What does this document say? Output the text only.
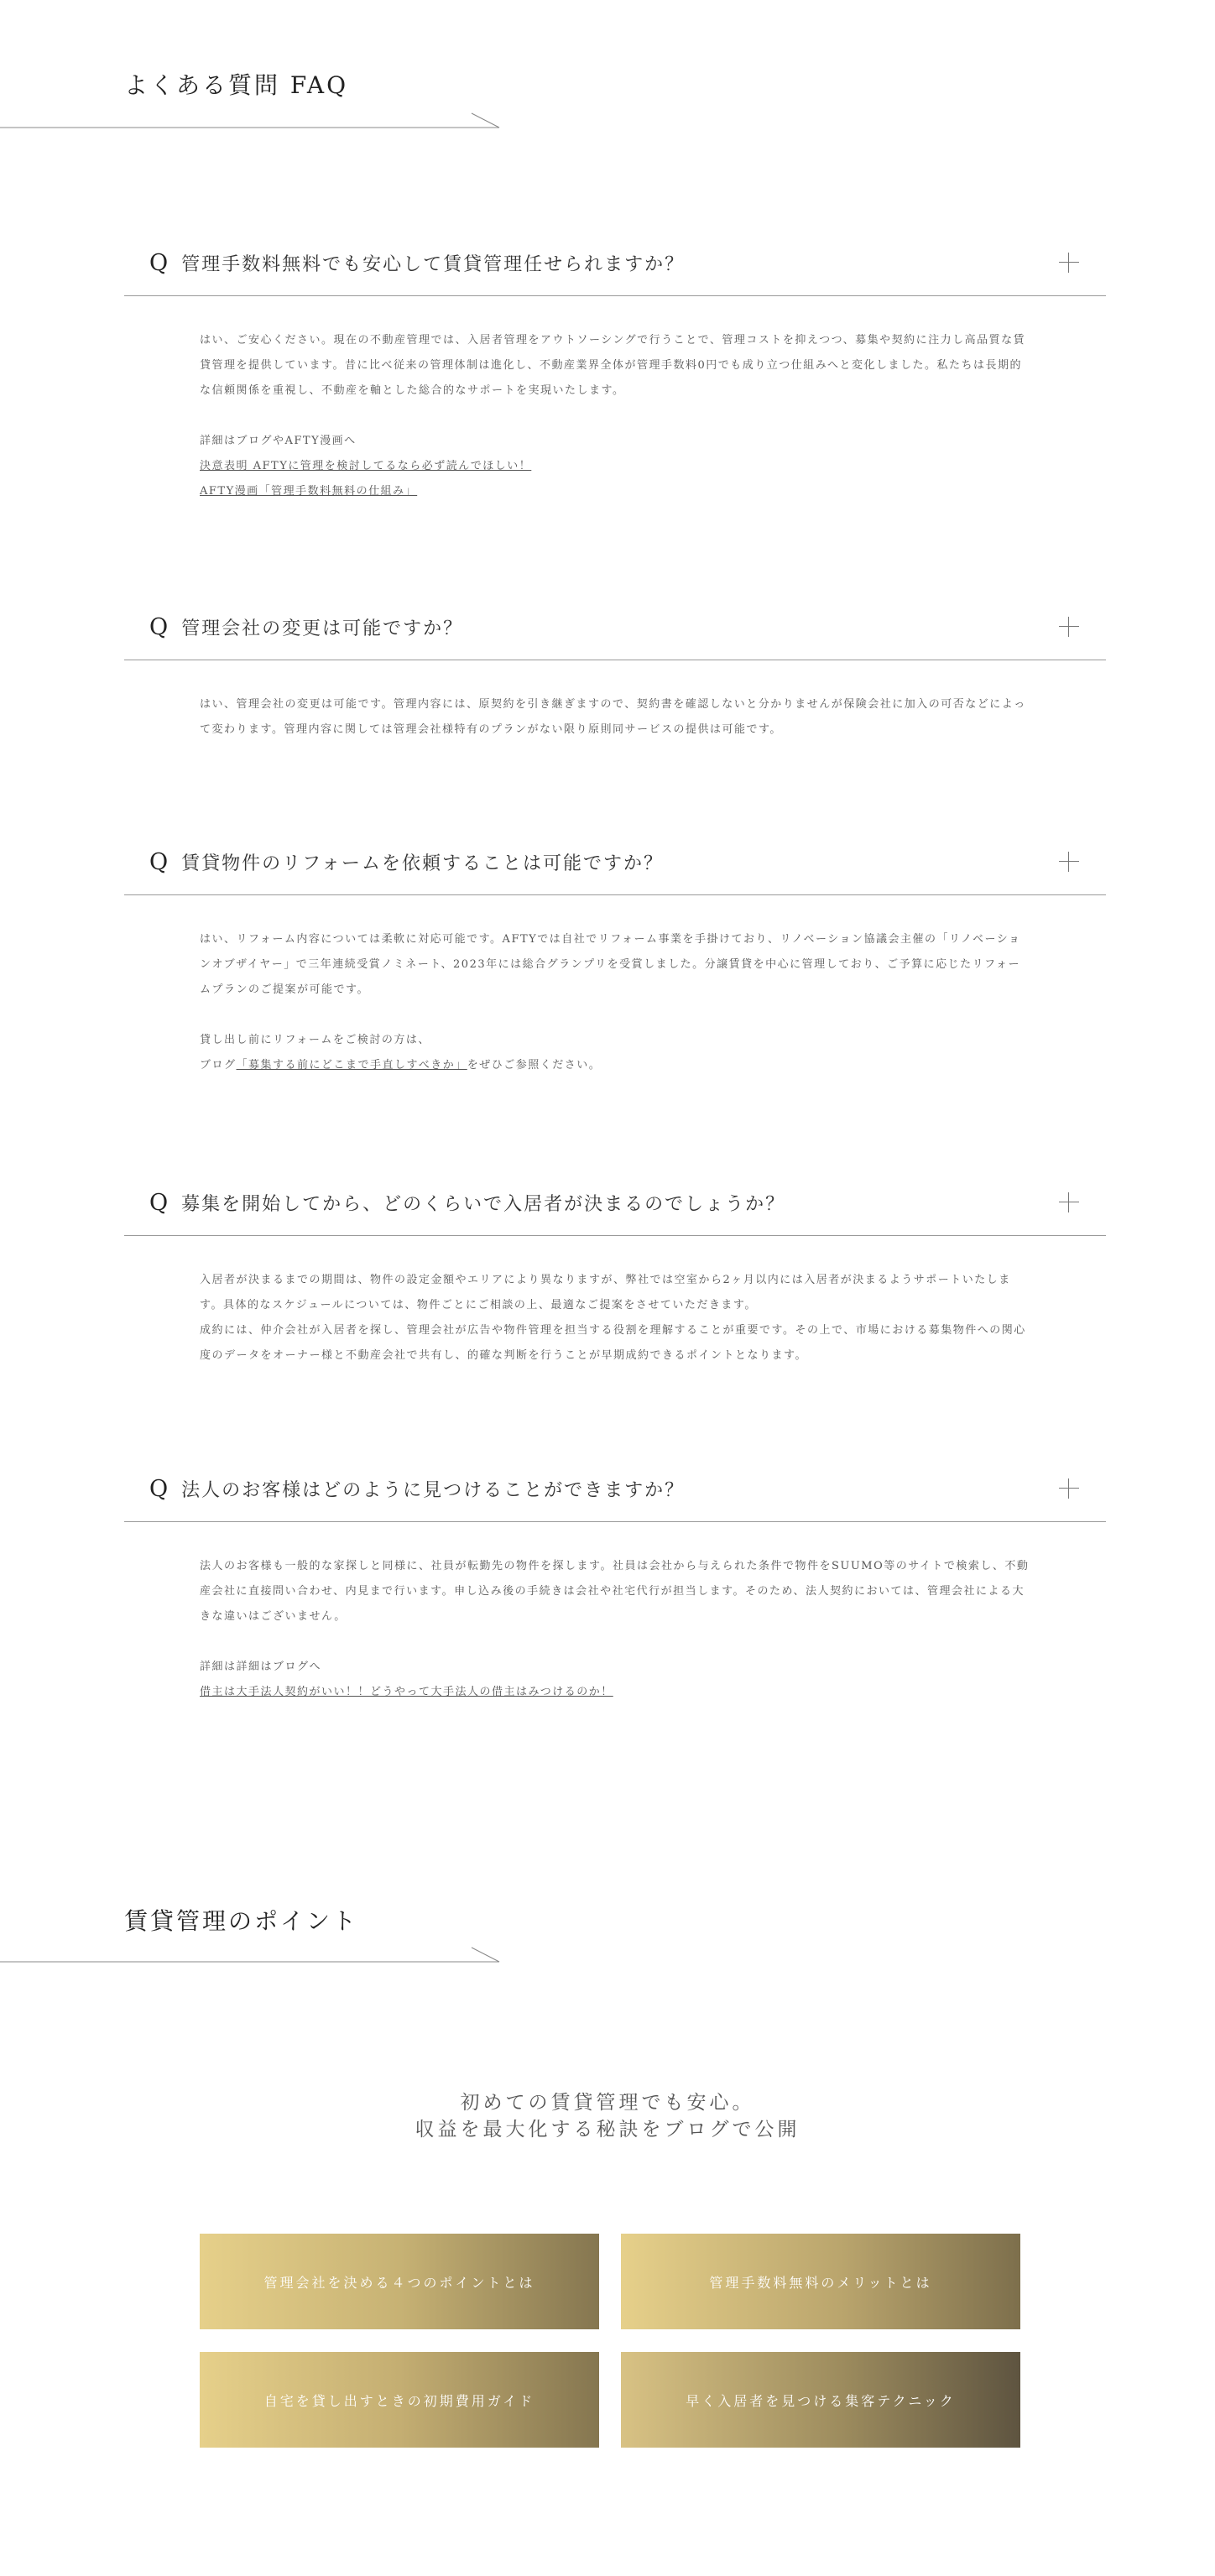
よくある質問 FAQ
Q 管理手数料無料でも安心して賃貸管理任せられますか？

はい、ご安心ください。現在の不動産管理では、入居者管理をアウトソーシングで行うことで、管理コストを抑えつつ、募集や契約に注力し高品質な賃貸管理を提供しています。昔に比べ従来の管理体制は進化し、不動産業界全体が管理手数料0円でも成り立つ仕組みへと変化しました。私たちは長期的な信頼関係を重視し、不動産を軸とした総合的なサポートを実現いたします。

詳細はブログやAFTY漫画へ

決意表明 AFTYに管理を検討してるなら必ず読んでほしい！

AFTY漫画「管理手数料無料の仕組み」

Q 管理会社の変更は可能ですか？

はい、管理会社の変更は可能です。管理内容には、原契約を引き継ぎますので、契約書を確認しないと分かりませんが保険会社に加入の可否などによって変わります。管理内容に関しては管理会社様特有のプランがない限り原則同サービスの提供は可能です。

Q 賃貸物件のリフォームを依頼することは可能ですか？

はい、リフォーム内容については柔軟に対応可能です。AFTYでは自社でリフォーム事業を手掛けており、リノベーション協議会主催の「リノベーションオブザイヤー」で三年連続受賞ノミネート、2023年には総合グランプリを受賞しました。分譲賃貸を中心に管理しており、ご予算に応じたリフォームプランのご提案が可能です。

貸し出し前にリフォームをご検討の方は、

ブログ「募集する前にどこまで手直しすべきか」をぜひご参照ください。

Q 募集を開始してから、どのくらいで入居者が決まるのでしょうか？

入居者が決まるまでの期間は、物件の設定金額やエリアにより異なりますが、弊社では空室から2ヶ月以内には入居者が決まるようサポートいたします。具体的なスケジュールについては、物件ごとにご相談の上、最適なご提案をさせていただきます。

成約には、仲介会社が入居者を探し、管理会社が広告や物件管理を担当する役割を理解することが重要です。その上で、市場における募集物件への関心度のデータをオーナー様と不動産会社で共有し、的確な判断を行うことが早期成約できるポイントとなります。

Q 法人のお客様はどのように見つけることができますか？

法人のお客様も一般的な家探しと同様に、社員が転勤先の物件を探します。社員は会社から与えられた条件で物件をSUUMO等のサイトで検索し、不動産会社に直接問い合わせ、内見まで行います。申し込み後の手続きは会社や社宅代行が担当します。そのため、法人契約においては、管理会社による大きな違いはございません。

詳細は詳細はブログへ

借主は大手法人契約がいい！！どうやって大手法人の借主はみつけるのか！

賃貸管理のポイント
初めての賃貸管理でも安心。
収益を最大化する秘訣をブログで公開
管理会社を決める４つのポイントとは	管理手数料無料のメリットとは
自宅を貸し出すときの初期費用ガイド	早く入居者を見つける集客テクニック
